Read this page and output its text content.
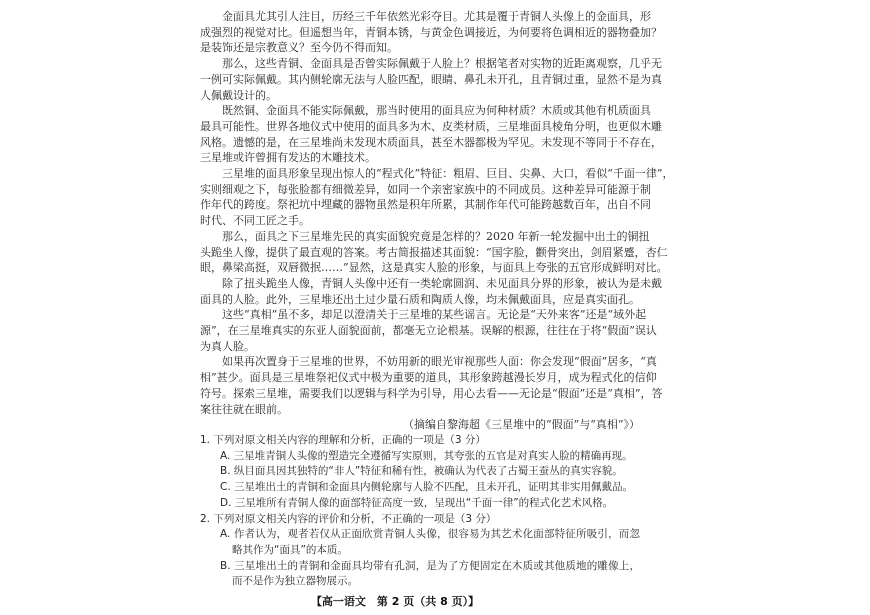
金面具尤其引人注目，历经三千年依然光彩夺目。尤其是覆于青铜人头像上的金面具，形
成强烈的视觉对比。但遥想当年，青铜本锈，与黄金色调接近，为何要将色调相近的器物叠加？
是装饰还是宗教意义？至今仍不得而知。
那么，这些青铜、金面具是否曾实际佩戴于人脸上？根据笔者对实物的近距离观察，几乎无
一例可实际佩戴。其内侧轮廓无法与人脸匹配，眼睛、鼻孔未开孔，且青铜过重，显然不是为真
人佩戴设计的。
既然铜、金面具不能实际佩戴，那当时使用的面具应为何种材质？木质或其他有机质面具
最具可能性。世界各地仪式中使用的面具多为木、皮类材质，三星堆面具棱角分明，也更似木雕
风格。遗憾的是，在三星堆尚未发现木质面具，甚至木器都极为罕见。未发现不等同于不存在，
三星堆或许曾拥有发达的木雕技术。
三星堆的面具形象呈现出惊人的“程式化”特征：粗眉、巨目、尖鼻、大口，看似“千面一律”，
实则细观之下，每张脸都有细微差异，如同一个亲密家族中的不同成员。这种差异可能源于制
作年代的跨度。祭祀坑中埋藏的器物虽然是积年所累，其制作年代可能跨越数百年，出自不同
时代、不同工匠之手。
那么，面具之下三星堆先民的真实面貌究竟是怎样的？2020 年新一轮发掘中出土的铜扭
头跪坐人像，提供了最直观的答案。考古简报描述其面貌：“国字脸，颧骨突出，剑眉紧蹙，杏仁
眼，鼻梁高挺，双唇微抿……”显然，这是真实人脸的形象，与面具上夸张的五官形成鲜明对比。
除了扭头跪坐人像，青铜人头像中还有一类轮廓圆润、未见面具分界的形象，被认为是未戴
面具的人脸。此外，三星堆还出土过少量石质和陶质人像，均未佩戴面具，应是真实面孔。
这些“真相”虽不多，却足以澄清关于三星堆的某些谣言。无论是“天外来客”还是“域外起
源”，在三星堆真实的东亚人面貌面前，都毫无立论根基。误解的根源，往往在于将“假面”误认
为真人脸。
如果再次置身于三星堆的世界，不妨用新的眼光审视那些人面：你会发现“假面”居多，“真
相”甚少。面具是三星堆祭祀仪式中极为重要的道具，其形象跨越漫长岁月，成为程式化的信仰
符号。探索三星堆，需要我们以逻辑与科学为引导，用心去看——无论是“假面”还是“真相”，答
案往往就在眼前。
（摘编自黎海超《三星堆中的“假面”与“真相”》）
1. 下列对原文相关内容的理解和分析，正确的一项是（3 分）
A. 三星堆青铜人头像的塑造完全遵循写实原则，其夸张的五官是对真实人脸的精确再现。
B. 纵目面具因其独特的“非人”特征和稀有性，被确认为代表了古蜀王蚕丛的真实容貌。
C. 三星堆出土的青铜和金面具内侧轮廓与人脸不匹配，且未开孔，证明其非实用佩戴品。
D. 三星堆所有青铜人像的面部特征高度一致，呈现出“千面一律”的程式化艺术风格。
2. 下列对原文相关内容的评价和分析，不正确的一项是（3 分）
A. 作者认为，观者若仅从正面欣赏青铜人头像，很容易为其艺术化面部特征所吸引，而忽
略其作为“面具”的本质。
B. 三星堆出土的青铜和金面具均带有孔洞，是为了方便固定在木质或其他质地的雕像上，
而不是作为独立器物展示。
【高一语文　第 2 页（共 8 页）】
